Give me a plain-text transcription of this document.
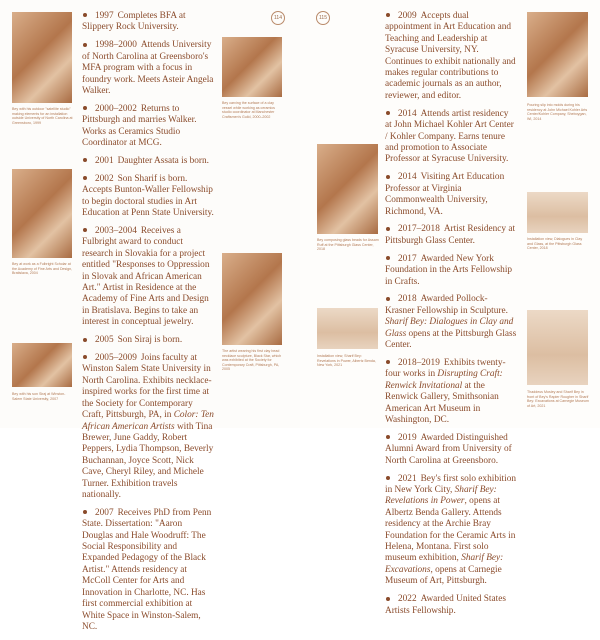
114

1997 Completes BFA at Slippery Rock University.

1998–2000 Attends University of North Carolina at Greensboro's MFA program with a focus in foundry work. Meets Asteir Angela Walker.

2000–2002 Returns to Pittsburgh and marries Walker. Works as Ceramics Studio Coordinator at MCG.

2001 Daughter Assata is born.

2002 Son Sharif is born. Accepts Bunton-Waller Fellowship to begin doctoral studies in Art Education at Penn State University.

2003–2004 Receives a Fulbright award to conduct research in Slovakia for a project entitled "Responses to Oppression in Slovak and African American Art." Artist in Residence at the Academy of Fine Arts and Design in Bratislava. Begins to take an interest in conceptual jewelry.

2005 Son Siraj is born.

2005–2009 Joins faculty at Winston Salem State University in North Carolina. Exhibits necklace-inspired works for the first time at the Society for Contemporary Craft, Pittsburgh, PA, in Color: Ten African American Artists with Tina Brewer, June Gaddy, Robert Peppers, Lydia Thompson, Beverly Buchannan, Joyce Scott, Nick Cave, Cheryl Riley, and Michele Turner. Exhibition travels nationally.

2007 Receives PhD from Penn State. Dissertation: "Aaron Douglas and Hale Woodruff: The Social Responsibility and Expanded Pedagogy of the Black Artist." Attends residency at McColl Center for Arts and Innovation in Charlotte, NC. Has first commercial exhibition at White Space in Winston-Salem, NC.

Bey with his outdoor "satellite studio" making elements for an installation outside University of North Carolina at Greensboro, 1999
Bey carving the surface of a clay vessel while working as ceramics studio coordinator at Manchester Craftsmen's Guild, 2000–2002
Bey at work as a Fulbright Scholar at the Academy of Fine Arts and Design, Bratislava, 2004
The artist wearing his first clay bead necklace sculpture, Black Star, which was exhibited at the Society for Contemporary Craft, Pittsburgh, PA, 2005
Bey with his son Siraj at Winston-Salem State University, 2007
115	2009 Accepts dual appointment in Art Education and Teaching and Leadership at Syracuse University, NY. Continues to exhibit nationally and makes regular contributions to academic journals as an author, reviewer, and editor.

2014 Attends artist residency at John Michael Kohler Art Center / Kohler Company. Earns tenure and promotion to Associate Professor at Syracuse University.

2014 Visiting Art Education Professor at Virginia Commonwealth University, Richmond, VA.

2017–2018 Artist Residency at Pittsburgh Glass Center.

2017 Awarded New York Foundation in the Arts Fellowship in Crafts.

2018 Awarded Pollock-Krasner Fellowship in Sculpture. Sharif Bey: Dialogues in Clay and Glass opens at the Pittsburgh Glass Center.

2018–2019 Exhibits twenty-four works in Disrupting Craft: Renwick Invitational at the Renwick Gallery, Smithsonian American Art Museum in Washington, DC.

2019 Awarded Distinguished Alumni Award from University of North Carolina at Greensboro.

2021 Bey's first solo exhibition in New York City, Sharif Bey: Revelations in Power, opens at Albertz Benda Gallery. Attends residency at the Archie Bray Foundation for the Ceramic Arts in Helena, Montana. First solo museum exhibition, Sharif Bey: Excavations, opens at Carnegie Museum of Art, Pittsburgh.

2022 Awarded United States Artists Fellowship.

Pouring slip into molds during his residency at John Michael Kohler Arts Center/Kohler Company, Sheboygan, WI, 2014
Bey composing glass beads for Assam Ruff at the Pittsburgh Glass Center, 2018
Installation view, Dialogues in Clay and Glass, at the Pittsburgh Glass Center, 2018
Installation view, Sharif Bey: Revelations in Power, Albertz Benda, New York, 2021
Thaddeus Mosley and Sharif Bey in front of Bey's Rapier Rougher in Sharif Bey: Excavations at Carnegie Museum of Art, 2021
